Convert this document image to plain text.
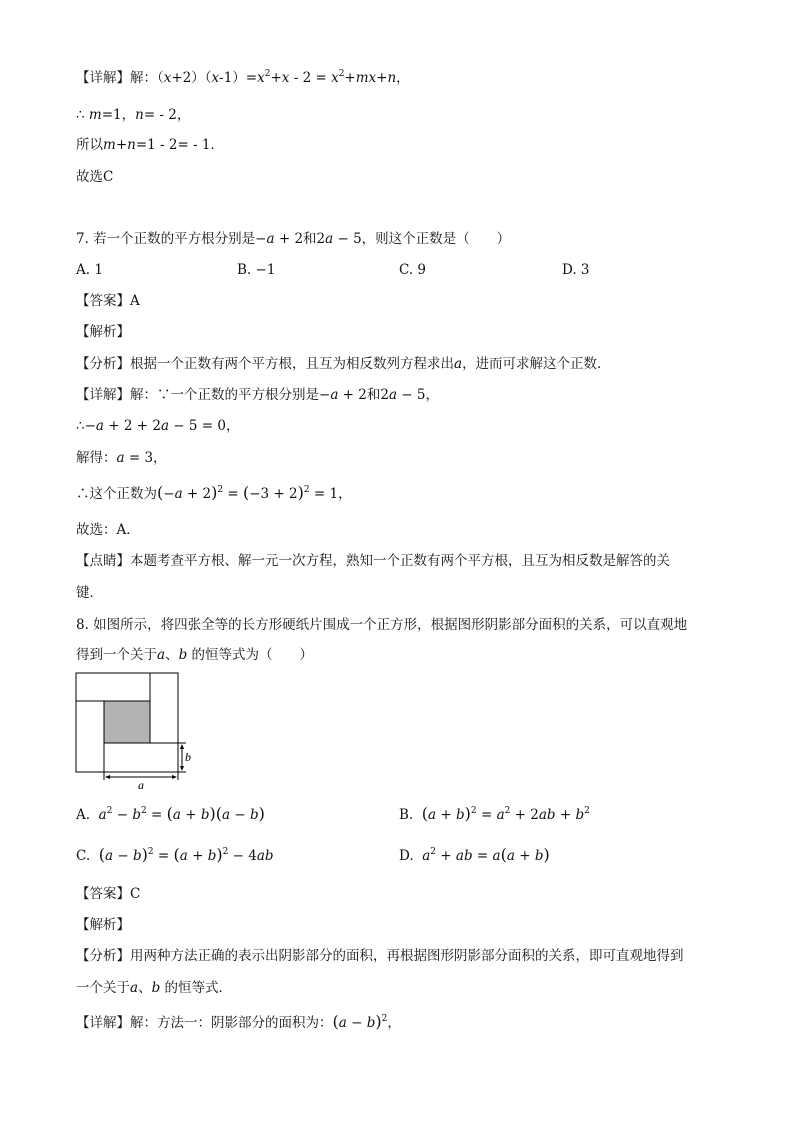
【详解】解：$(x+2)(x-1)=x^2+x - 2 = x^2+mx+n$，
∴ m=1，n= - 2，
所以m+n=1 - 2= - 1．
故选C
7. 若一个正数的平方根分别是−a + 2和2a − 5，则这个正数是（　　）
A. 1	B. −1	C. 9	D. 3
【答案】A
【解析】
【分析】根据一个正数有两个平方根，且互为相反数列方程求出a，进而可求解这个正数．
【详解】解：∵一个正数的平方根分别是−a + 2和2a − 5，
∴−a + 2 + 2a − 5 = 0，
解得：a = 3，
∴这个正数为$(-a + 2)^2 = (-3 + 2)^2 = 1$，
故选：A．
【点睛】本题考查平方根、解一元一次方程，熟知一个正数有两个平方根，且互为相反数是解答的关
键．
8. 如图所示，将四张全等的长方形硬纸片围成一个正方形，根据图形阴影部分面积的关系，可以直观地
得到一个关于a、b 的恒等式为（　　）
b
a
A.  $a^2 - b^2 = (a + b)(a - b)$	B.  $(a + b)^2 = a^2 + 2ab + b^2$
C.  $(a - b)^2 = (a + b)^2 - 4ab$	D.  $a^2$ + ab = a(a + b)
【答案】C
【解析】
【分析】用两种方法正确的表示出阴影部分的面积，再根据图形阴影部分面积的关系，即可直观地得到
一个关于a、b 的恒等式．
【详解】解：方法一：阴影部分的面积为：$(a - b)^2$，
